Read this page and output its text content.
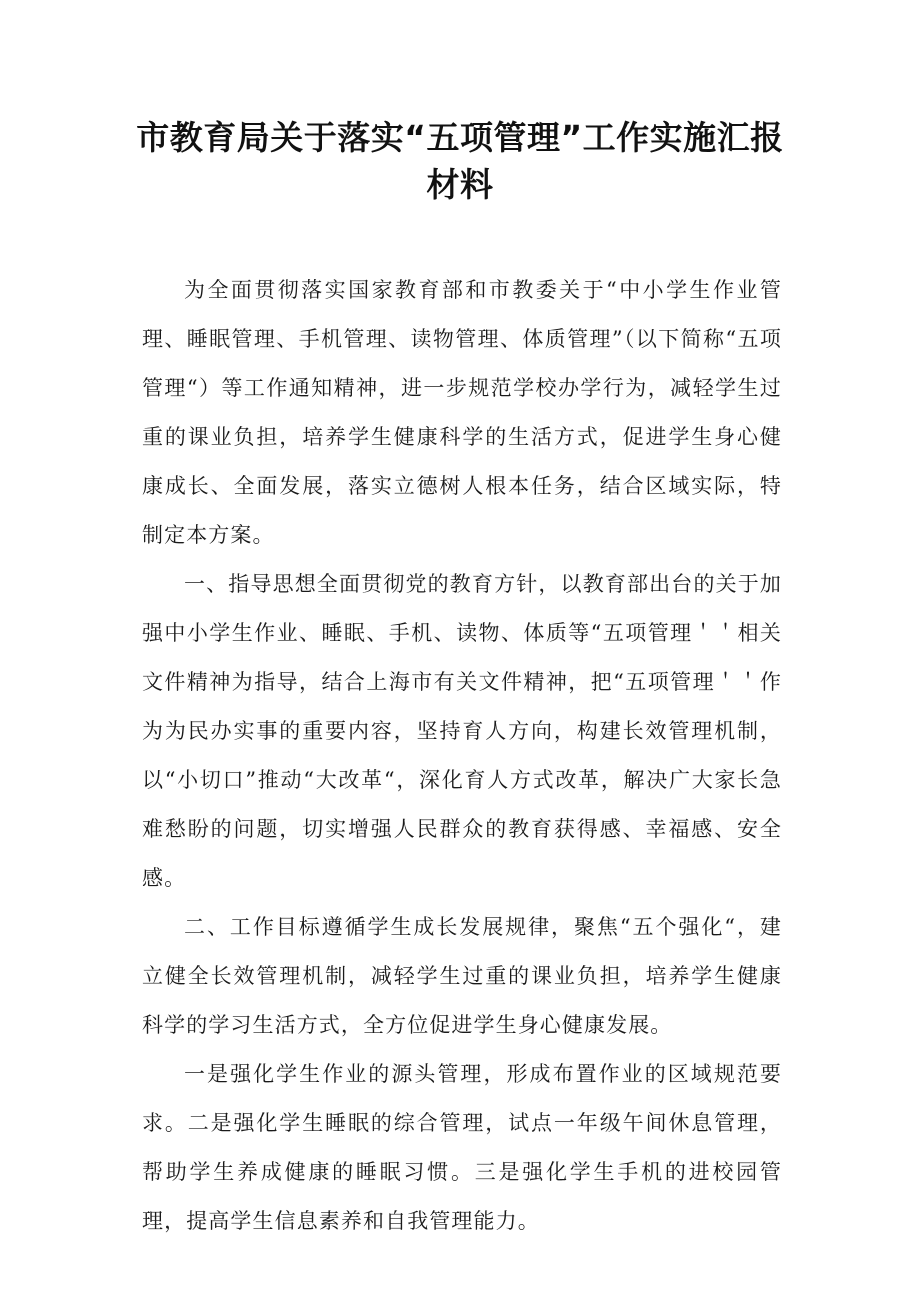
市教育局关于落实“五项管理”工作实施汇报材料

为全面贯彻落实国家教育部和市教委关于“中小学生作业管理、睡眠管理、手机管理、读物管理、体质管理”（以下简称“五项管理“）等工作通知精神，进一步规范学校办学行为，减轻学生过重的课业负担，培养学生健康科学的生活方式，促进学生身心健康成长、全面发展，落实立德树人根本任务，结合区域实际，特制定本方案。

一、指导思想全面贯彻党的教育方针，以教育部出台的关于加强中小学生作业、睡眠、手机、读物、体质等“五项管理＇＇相关文件精神为指导，结合上海市有关文件精神，把“五项管理＇＇作为为民办实事的重要内容，坚持育人方向，构建长效管理机制，以“小切口”推动“大改革“，深化育人方式改革，解决广大家长急难愁盼的问题，切实增强人民群众的教育获得感、幸福感、安全感。

二、工作目标遵循学生成长发展规律，聚焦“五个强化“，建立健全长效管理机制，减轻学生过重的课业负担，培养学生健康科学的学习生活方式，全方位促进学生身心健康发展。

一是强化学生作业的源头管理，形成布置作业的区域规范要求。二是强化学生睡眠的综合管理，试点一年级午间休息管理，帮助学生养成健康的睡眠习惯。三是强化学生手机的进校园管理，提高学生信息素养和自我管理能力。
